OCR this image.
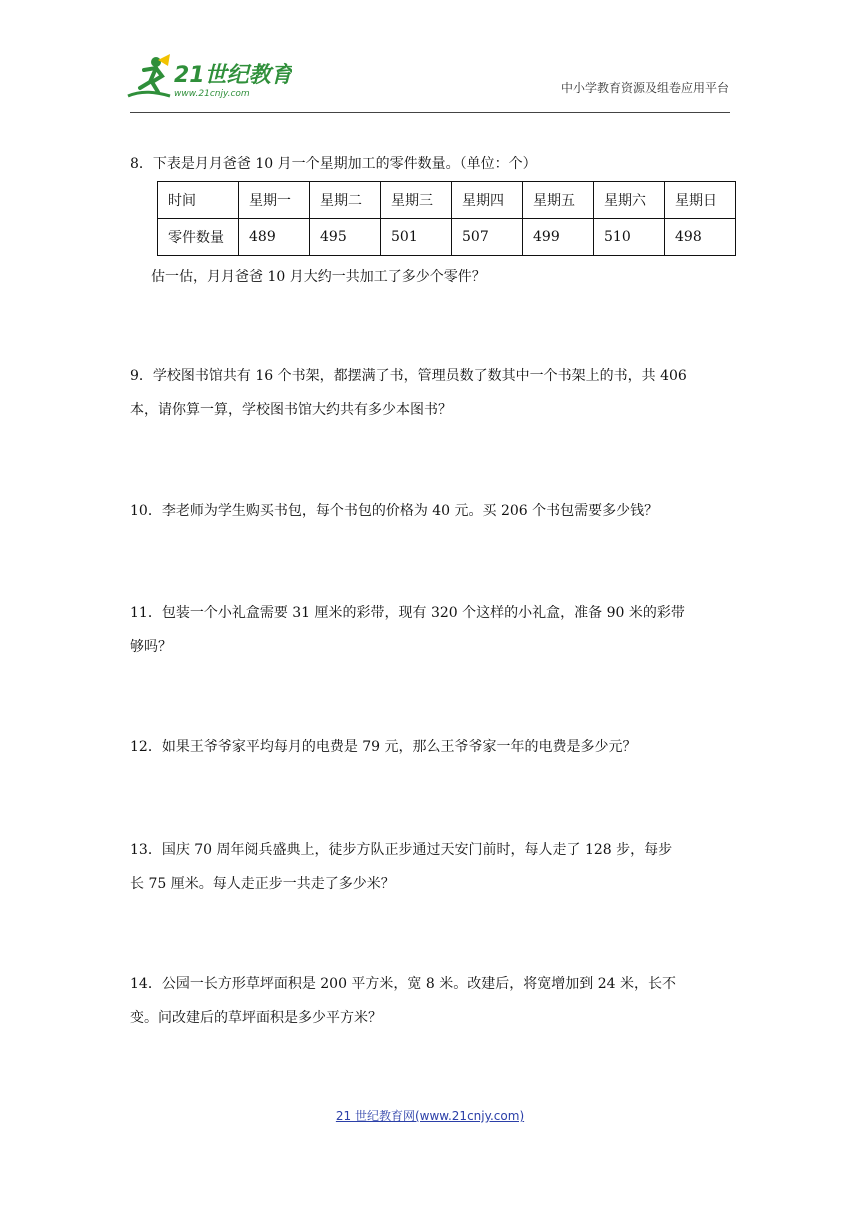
21世纪教育
www.21cnjy.com	中小学教育资源及组卷应用平台
8．下表是月月爸爸 10 月一个星期加工的零件数量。（单位：个）
时间	星期一	星期二	星期三	星期四	星期五	星期六	星期日
零件数量	489	495	501	507	499	510	498
估一估，月月爸爸 10 月大约一共加工了多少个零件？
9．学校图书馆共有 16 个书架，都摆满了书，管理员数了数其中一个书架上的书，共 406
本，请你算一算，学校图书馆大约共有多少本图书？
10．李老师为学生购买书包，每个书包的价格为 40 元。买 206 个书包需要多少钱？
11．包装一个小礼盒需要 31 厘米的彩带，现有 320 个这样的小礼盒，准备 90 米的彩带
够吗？
12．如果王爷爷家平均每月的电费是 79 元，那么王爷爷家一年的电费是多少元？
13．国庆 70 周年阅兵盛典上，徒步方队正步通过天安门前时，每人走了 128 步，每步
长 75 厘米。每人走正步一共走了多少米？
14．公园一长方形草坪面积是 200 平方米，宽 8 米。改建后，将宽增加到 24 米，长不
变。问改建后的草坪面积是多少平方米？
21 世纪教育网(www.21cnjy.com)
